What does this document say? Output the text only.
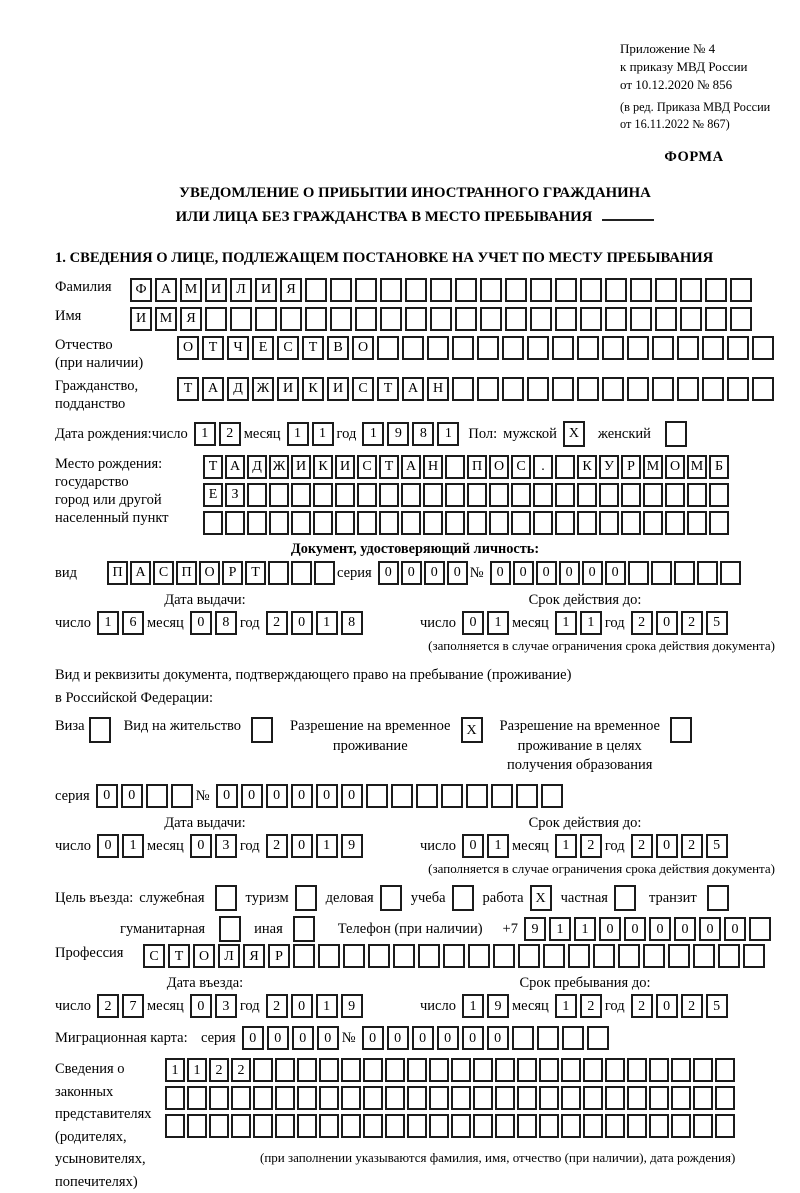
Приложение № 4
к приказу МВД России
от 10.12.2020 № 856
(в ред. Приказа МВД России
от 16.11.2022 № 867)
ФОРМА
УВЕДОМЛЕНИЕ О ПРИБЫТИИ ИНОСТРАННОГО ГРАЖДАНИНА
ИЛИ ЛИЦА БЕЗ ГРАЖДАНСТВА В МЕСТО ПРЕБЫВАНИЯ
1. СВЕДЕНИЯ О ЛИЦЕ, ПОДЛЕЖАЩЕМ ПОСТАНОВКЕ НА УЧЕТ ПО МЕСТУ ПРЕБЫВАНИЯ
Фамилия	Ф А М И Л И Я
Имя	И М Я
Отчество
(при наличии)
О Т Ч Е С Т В О
Гражданство,
подданство
Т А Д Ж И К И С Т А Н
Дата рождения: число 1 2 месяц 1 1 год 1 9 8 1	Пол: мужской X	женский
Место рождения:
государство
город или другой
населенный пункт
Т А Д Ж И К И С Т А Н П О С .	К У Р М О М Б
Е З
Документ, удостоверяющий личность:
вид	П А С П О Р Т	серия 0 0 0 0 № 0 0 0 0 0 0
Дата выдачи:
число 1 6 месяц 0 8 год 2 0 1 8
Срок действия до:
число 0 1 месяц 1 1 год 2 0 2 5
(заполняется в случае ограничения срока действия документа)
Вид и реквизиты документа, подтверждающего право на пребывание (проживание)
в Российской Федерации:
Виза	Вид на жительство	Разрешение на временное
проживание
X	Разрешение на временное
проживание в целях
получения образования
серия 0 0	№ 0 0 0 0 0 0
Дата выдачи:
число 0 1 месяц 0 3 год 2 0 1 9
Срок действия до:
число 0 1 месяц 1 2 год 2 0 2 5
(заполняется в случае ограничения срока действия документа)
Цель въезда: служебная	туризм	деловая	учеба	работа X	частная	транзит
гуманитарная	иная	Телефон (при наличии) +7 9 1 1 0 0 0 0 0 0
Профессия	С Т О Л Я Р
Дата въезда:
число 2 7 месяц 0 3 год 2 0 1 9
Срок пребывания до:
число 1 9 месяц 1 2 год 2 0 2 5
Миграционная карта: серия 0 0 0 0 № 0 0 0 0 0 0
Сведения о
законных
представителях
(родителях,
усыновителях,
попечителях)
1 1 2 2
(при заполнении указываются фамилия, имя, отчество (при наличии), дата рождения)
